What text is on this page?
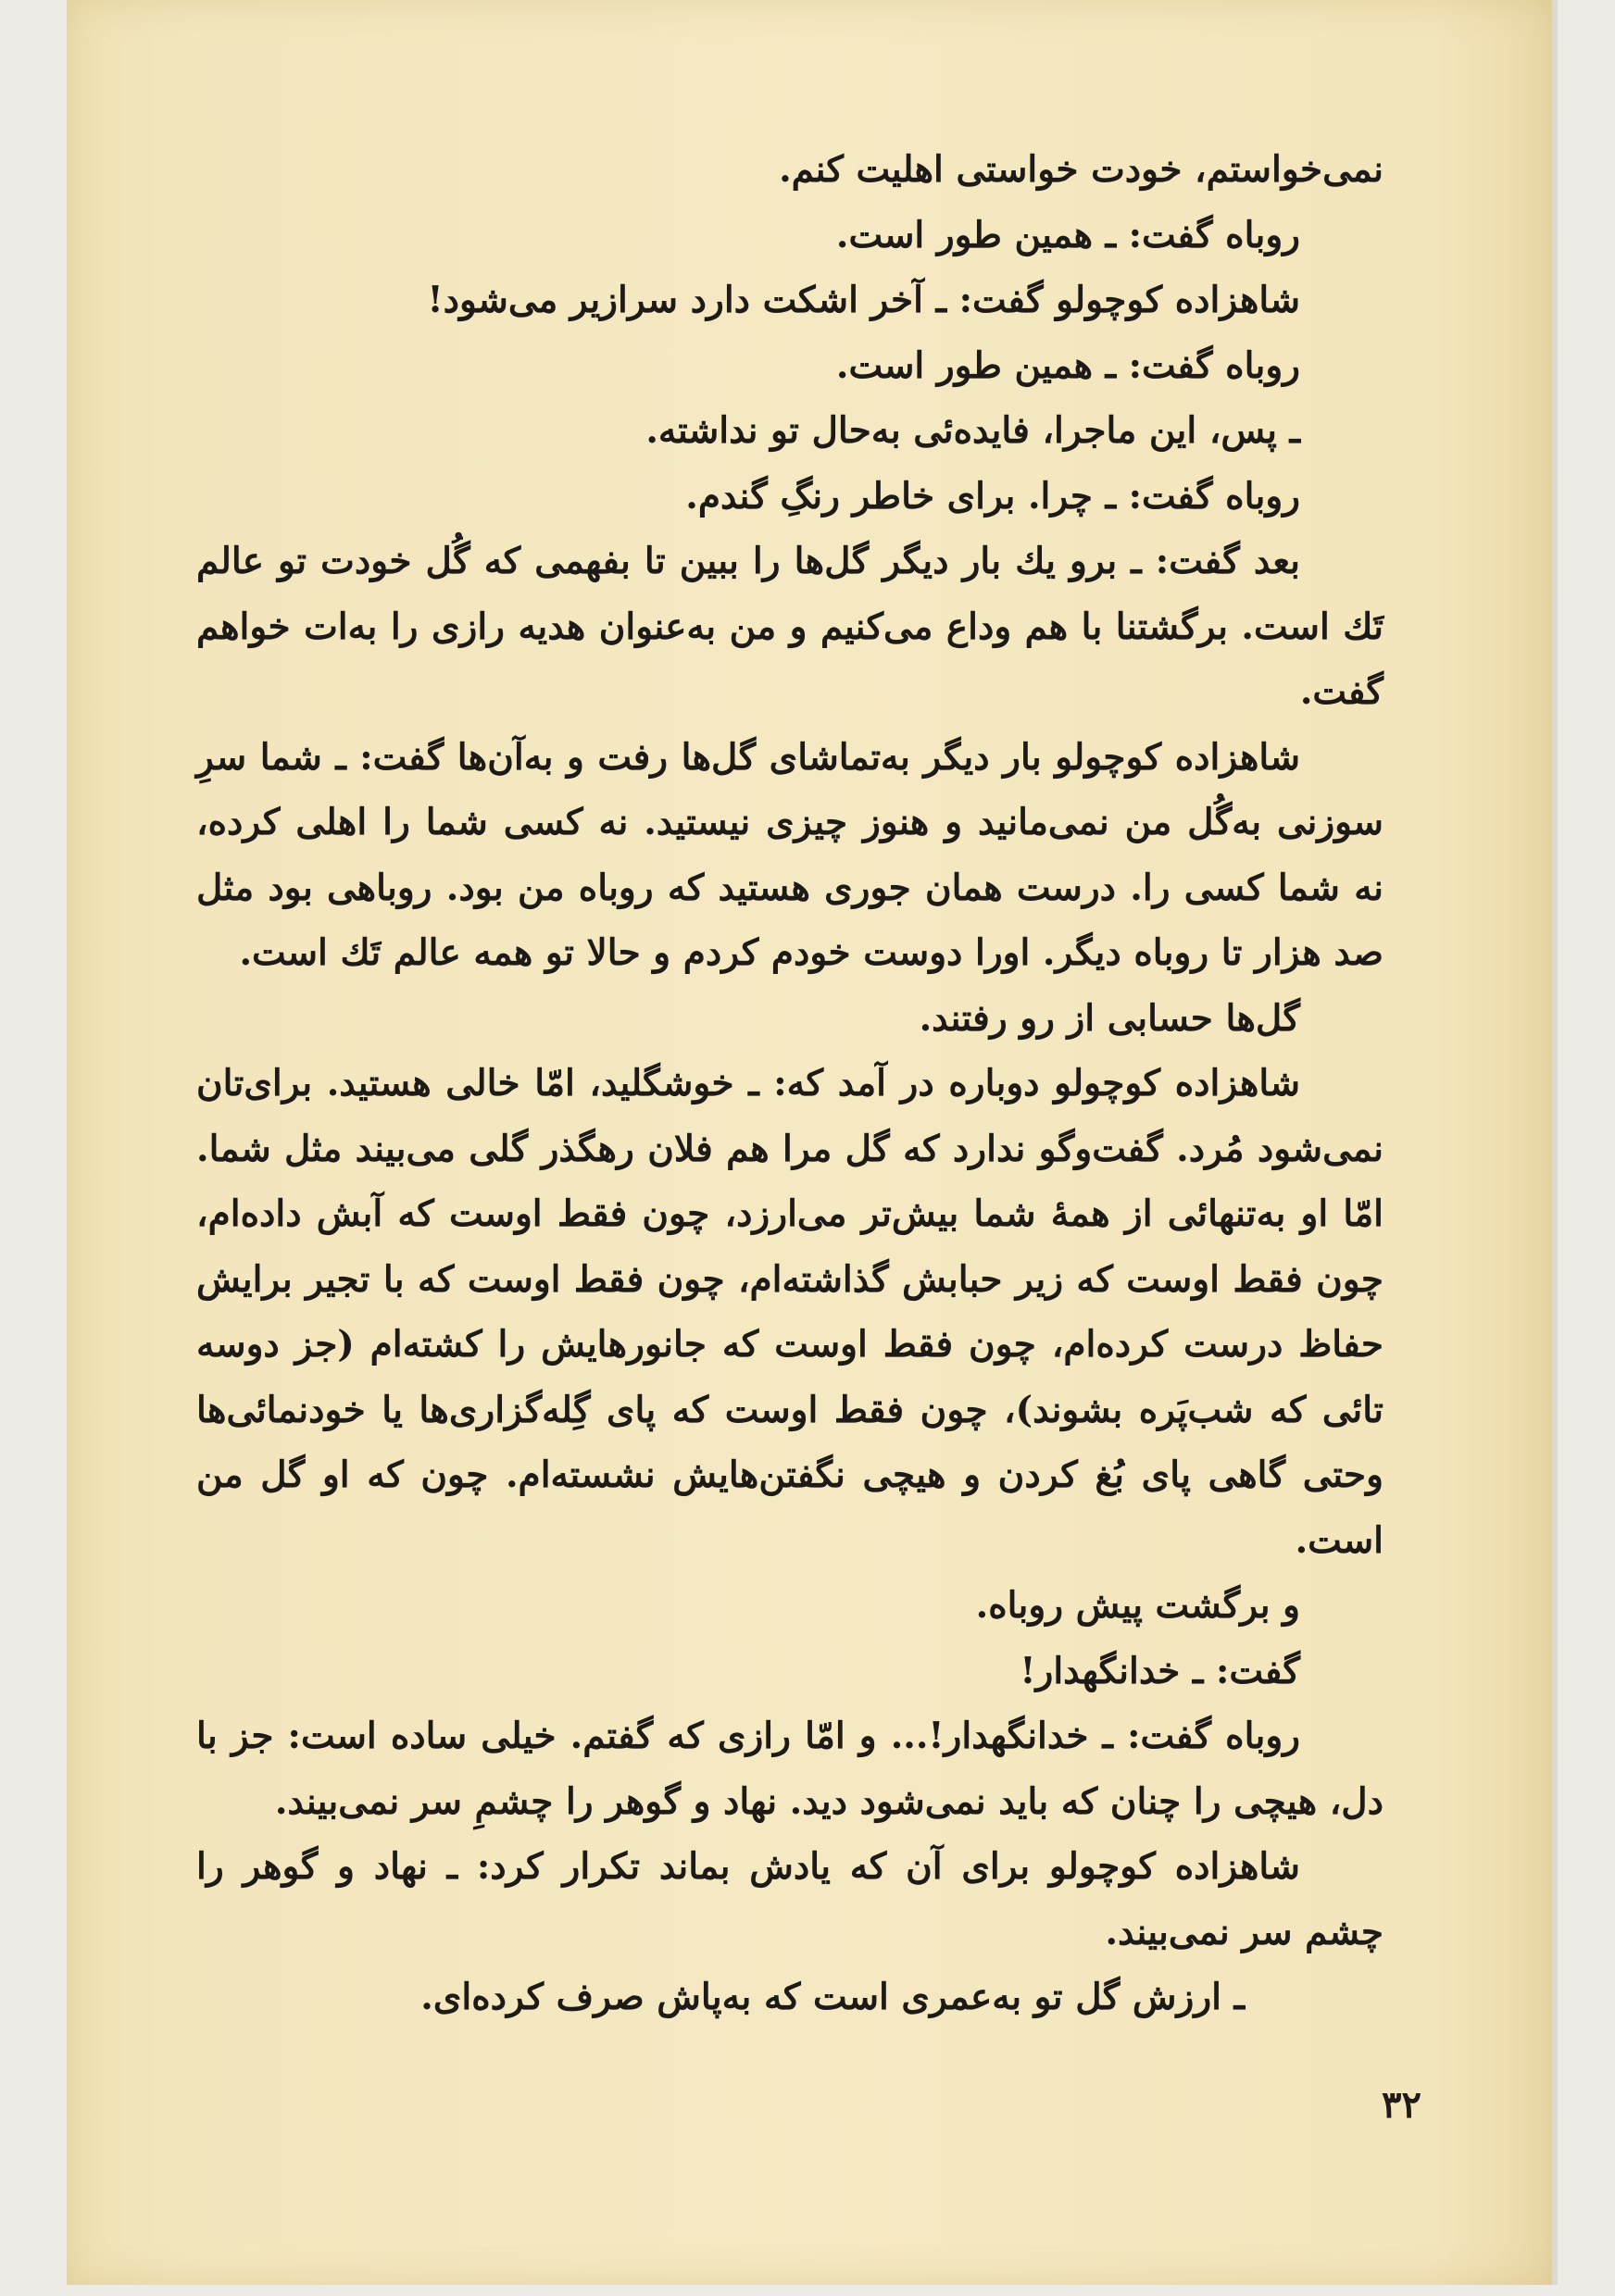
نمی‌خواستم، خودت خواستی اهلیت کنم.

روباه گفت: ـ همین طور است.

شاهزاده کوچولو گفت: ـ آخر اشکت دارد سرازیر می‌شود!

روباه گفت: ـ همین طور است.

ـ پس، این ماجرا، فایده‌ئی به‌حال تو نداشته.

روباه گفت: ـ چرا. برای خاطر رنگِ گندم.

بعد گفت: ـ برو یك بار دیگر گل‌ها را ببین تا بفهمی که گُل خودت تو عالم تَك است. برگشتنا با هم وداع می‌کنیم و من به‌عنوان هدیه رازی را به‌ات خواهم گفت.

شاهزاده کوچولو بار دیگر به‌تماشای گل‌ها رفت و به‌آن‌ها گفت: ـ شما سرِ سوزنی به‌گُل من نمی‌مانید و هنوز چیزی نیستید. نه کسی شما را اهلی کرده، نه شما کسی را. درست همان جوری هستید که روباه من بود. روباهی بود مثل صد هزار تا روباه دیگر. اورا دوست خودم کردم و حالا تو همه عالم تَك است.

گل‌ها حسابی از رو رفتند.

شاهزاده کوچولو دوباره در آمد که: ـ خوشگلید، امّا خالی هستید. برای‌تان نمی‌شود مُرد. گفت‌وگو ندارد که گل مرا هم فلان رهگذر گلی می‌بیند مثل شما. امّا او به‌تنهائی از همهٔ شما بیش‌تر می‌ارزد، چون فقط اوست که آبش داده‌ام، چون فقط اوست که زیر حبابش گذاشته‌ام، چون فقط اوست که با تجیر برایش حفاظ درست کرده‌ام، چون فقط اوست که جانورهایش را کشته‌ام (جز دوسه تائی که شب‌پَره بشوند)، چون فقط اوست که پای گِله‌گزاری‌ها یا خودنمائی‌ها وحتی گاهی پای بُغ کردن و هیچی نگفتن‌هایش نشسته‌ام. چون که او گل من است.

و برگشت پیش روباه.

گفت: ـ خدانگهدار!

روباه گفت: ـ خدانگهدار!... و امّا رازی که گفتم. خیلی ساده است: جز با دل، هیچی را چنان که باید نمی‌شود دید. نهاد و گوهر را چشمِ سر نمی‌بیند.

شاهزاده کوچولو برای آن که یادش بماند تکرار کرد: ـ نهاد و گوهر را چشم سر نمی‌بیند.

ـ ارزش گل تو به‌عمری است که به‌پاش صرف کرده‌ای.

۳۲
